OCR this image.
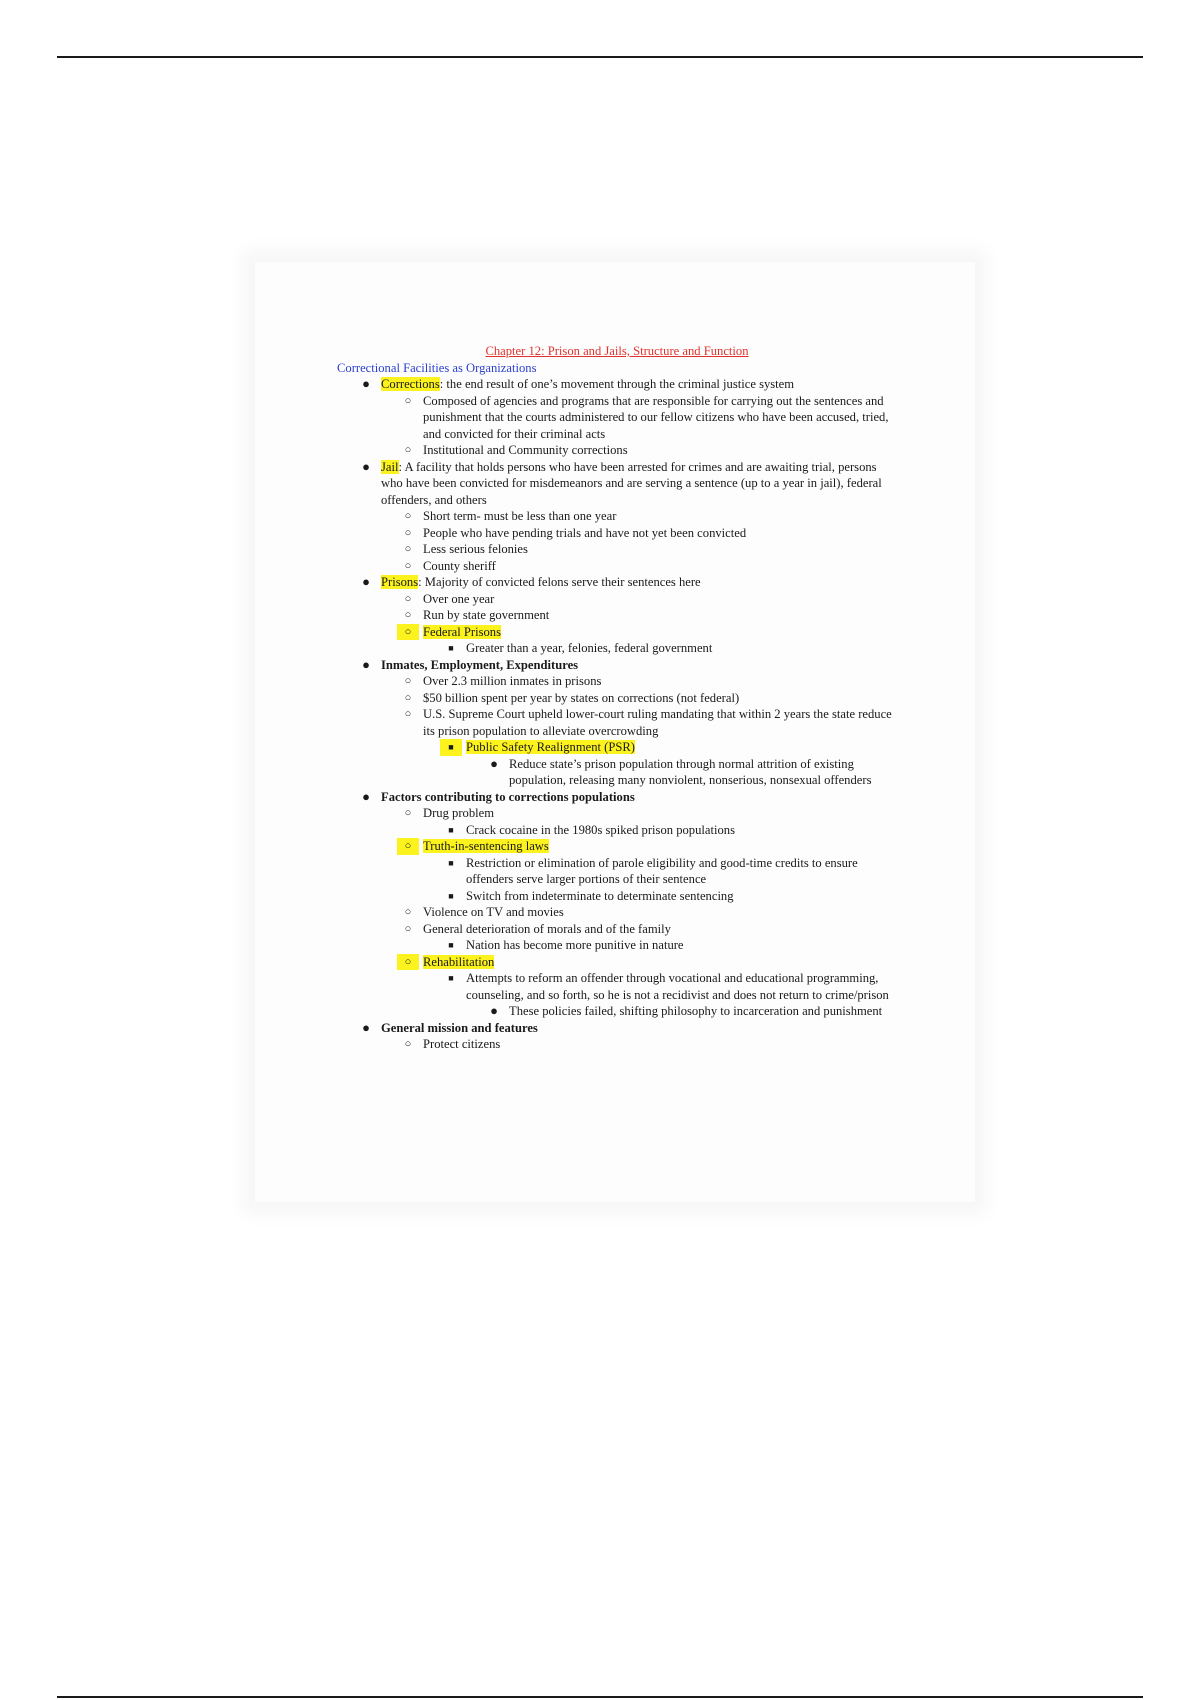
Chapter 12: Prison and Jails, Structure and Function
Correctional Facilities as Organizations
● Corrections: the end result of one’s movement through the criminal justice system
○ Composed of agencies and programs that are responsible for carrying out the sentences and punishment that the courts administered to our fellow citizens who have been accused, tried, and convicted for their criminal acts
○ Institutional and Community corrections
● Jail: A facility that holds persons who have been arrested for crimes and are awaiting trial, persons who have been convicted for misdemeanors and are serving a sentence (up to a year in jail), federal offenders, and others
○ Short term- must be less than one year
○ People who have pending trials and have not yet been convicted
○ Less serious felonies
○ County sheriff
● Prisons: Majority of convicted felons serve their sentences here
○ Over one year
○ Run by state government
○ Federal Prisons
■ Greater than a year, felonies, federal government
● Inmates, Employment, Expenditures
○ Over 2.3 million inmates in prisons
○ $50 billion spent per year by states on corrections (not federal)
○ U.S. Supreme Court upheld lower-court ruling mandating that within 2 years the state reduce its prison population to alleviate overcrowding
■ Public Safety Realignment (PSR)
● Reduce state’s prison population through normal attrition of existing population, releasing many nonviolent, nonserious, nonsexual offenders
● Factors contributing to corrections populations
○ Drug problem
■ Crack cocaine in the 1980s spiked prison populations
○ Truth-in-sentencing laws
■ Restriction or elimination of parole eligibility and good-time credits to ensure offenders serve larger portions of their sentence
■ Switch from indeterminate to determinate sentencing
○ Violence on TV and movies
○ General deterioration of morals and of the family
■ Nation has become more punitive in nature
○ Rehabilitation
■ Attempts to reform an offender through vocational and educational programming, counseling, and so forth, so he is not a recidivist and does not return to crime/prison
● These policies failed, shifting philosophy to incarceration and punishment
● General mission and features
○ Protect citizens
